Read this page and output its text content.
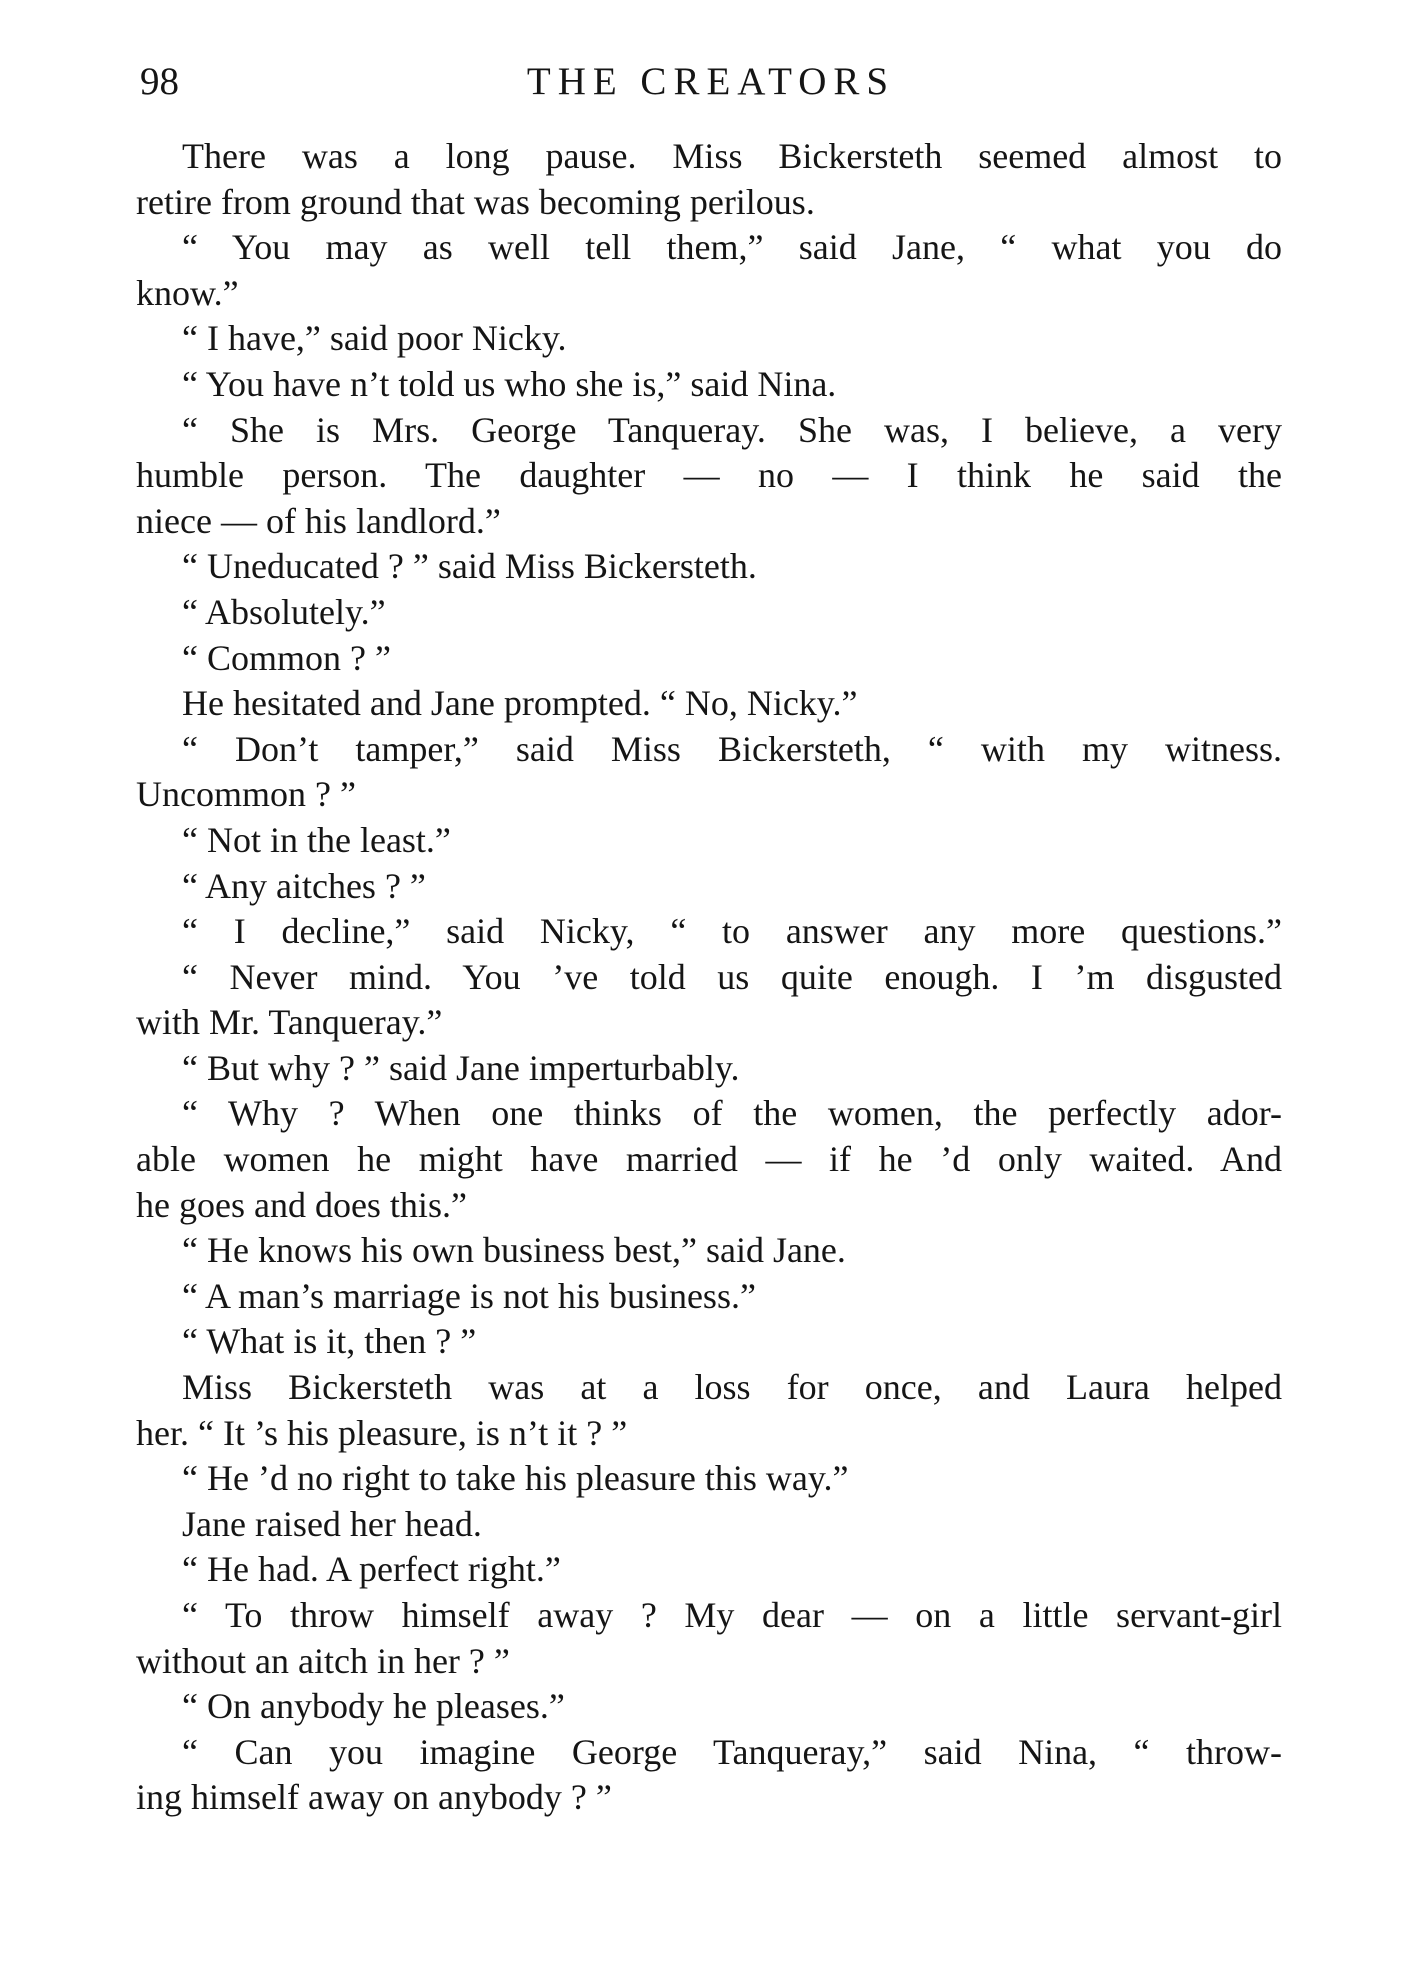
98	THE CREATORS
There was a long pause. Miss Bickersteth seemed almost to
retire from ground that was becoming perilous.
“ You may as well tell them,” said Jane, “ what you do
know.”
“ I have,” said poor Nicky.
“ You have n’t told us who she is,” said Nina.
“ She is Mrs. George Tanqueray. She was, I believe, a very
humble person. The daughter — no — I think he said the
niece — of his landlord.”
“ Uneducated ? ” said Miss Bickersteth.
“ Absolutely.”
“ Common ? ”
He hesitated and Jane prompted. “ No, Nicky.”
“ Don’t tamper,” said Miss Bickersteth, “ with my witness.
Uncommon ? ”
“ Not in the least.”
“ Any aitches ? ”
“ I decline,” said Nicky, “ to answer any more questions.”
“ Never mind. You ’ve told us quite enough. I ’m disgusted
with Mr. Tanqueray.”
“ But why ? ” said Jane imperturbably.
“ Why ? When one thinks of the women, the perfectly ador-
able women he might have married — if he ’d only waited. And
he goes and does this.”
“ He knows his own business best,” said Jane.
“ A man’s marriage is not his business.”
“ What is it, then ? ”
Miss Bickersteth was at a loss for once, and Laura helped
her. “ It ’s his pleasure, is n’t it ? ”
“ He ’d no right to take his pleasure this way.”
Jane raised her head.
“ He had. A perfect right.”
“ To throw himself away ? My dear — on a little servant-girl
without an aitch in her ? ”
“ On anybody he pleases.”
“ Can you imagine George Tanqueray,” said Nina, “ throw-
ing himself away on anybody ? ”
